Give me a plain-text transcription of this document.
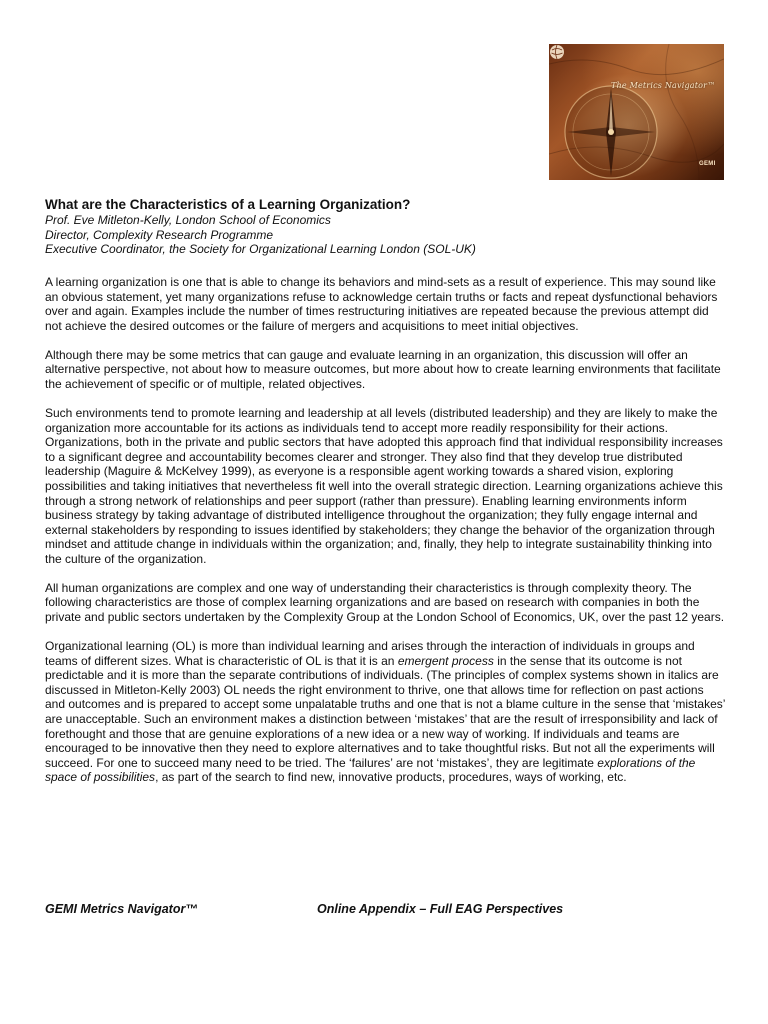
The Metrics Navigator™
GEMI
What are the Characteristics of a Learning Organization?
Prof. Eve Mitleton-Kelly, London School of Economics
Director, Complexity Research Programme
Executive Coordinator, the Society for Organizational Learning London (SOL-UK)

A learning organization is one that is able to change its behaviors and mind-sets as a result of experience. This may sound like an obvious statement, yet many organizations refuse to acknowledge certain truths or facts and repeat dysfunctional behaviors over and again. Examples include the number of times restructuring initiatives are repeated because the previous attempt did not achieve the desired outcomes or the failure of mergers and acquisitions to meet initial objectives.

Although there may be some metrics that can gauge and evaluate learning in an organization, this discussion will offer an alternative perspective, not about how to measure outcomes, but more about how to create learning environments that facilitate the achievement of specific or of multiple, related objectives.

Such environments tend to promote learning and leadership at all levels (distributed leadership) and they are likely to make the organization more accountable for its actions as individuals tend to accept more readily responsibility for their actions. Organizations, both in the private and public sectors that have adopted this approach find that individual responsibility increases to a significant degree and accountability becomes clearer and stronger. They also find that they develop true distributed leadership (Maguire & McKelvey 1999), as everyone is a responsible agent working towards a shared vision, exploring possibilities and taking initiatives that nevertheless fit well into the overall strategic direction. Learning organizations achieve this through a strong network of relationships and peer support (rather than pressure). Enabling learning environments inform business strategy by taking advantage of distributed intelligence throughout the organization; they fully engage internal and external stakeholders by responding to issues identified by stakeholders; they change the behavior of the organization through mindset and attitude change in individuals within the organization; and, finally, they help to integrate sustainability thinking into the culture of the organization.

All human organizations are complex and one way of understanding their characteristics is through complexity theory. The following characteristics are those of complex learning organizations and are based on research with companies in both the private and public sectors undertaken by the Complexity Group at the London School of Economics, UK, over the past 12 years.

Organizational learning (OL) is more than individual learning and arises through the interaction of individuals in groups and teams of different sizes. What is characteristic of OL is that it is an emergent process in the sense that its outcome is not predictable and it is more than the separate contributions of individuals. (The principles of complex systems shown in italics are discussed in Mitleton-Kelly 2003) OL needs the right environment to thrive, one that allows time for reflection on past actions and outcomes and is prepared to accept some unpalatable truths and one that is not a blame culture in the sense that ‘mistakes’ are unacceptable. Such an environment makes a distinction between ‘mistakes’ that are the result of irresponsibility and lack of forethought and those that are genuine explorations of a new idea or a new way of working. If individuals and teams are encouraged to be innovative then they need to explore alternatives and to take thoughtful risks. But not all the experiments will succeed. For one to succeed many need to be tried. The ‘failures’ are not ‘mistakes’, they are legitimate explorations of the space of possibilities, as part of the search to find new, innovative products, procedures, ways of working, etc.

GEMI Metrics Navigator™	Online Appendix – Full EAG Perspectives
